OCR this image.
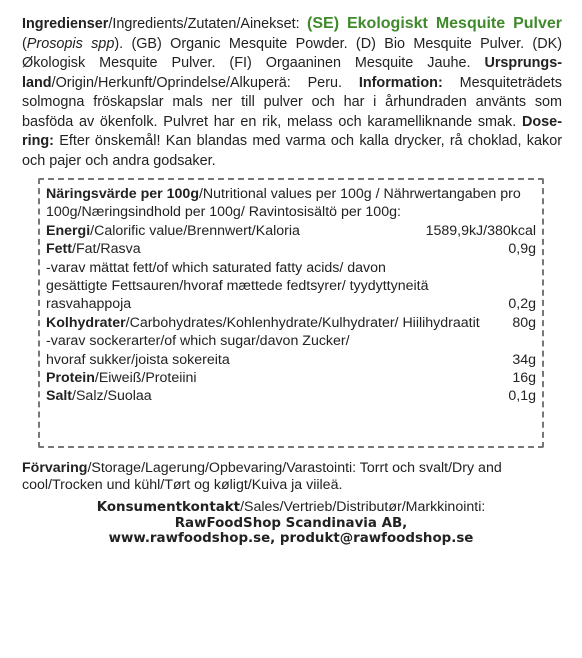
Ingredienser/Ingredients/Zutaten/Ainekset: (SE) Ekologiskt Mesquite Pulver (Prosopis spp). (GB) Organic Mesquite Powder. (D) Bio Mesquite Pulver. (DK) Økologisk Mesquite Pulver. (FI) Orgaaninen Mesquite Jauhe. Ursprungsland/Origin/Herkunft/Oprindelse/Alkuperä: Peru. Information: Mesquiteträdets solmogna fröskapslar mals ner till pulver och har i århundraden använts som basföda av ökenfolk. Pulvret har en rik, melass och karamelliknande smak. Dosering: Efter önskemål! Kan blandas med varma och kalla drycker, rå choklad, kakor och pajer och andra godsaker.
Näringsvärde per 100g/Nutritional values per 100g / Nährwertangaben pro 100g/Næringsindhold per 100g/ Ravintosisältö per 100g:
Energi/Calorific value/Brennwert/Kaloria	1589,9kJ/380kcal
Fett/Fat/Rasva	0,9g
-varav mättat fett/of which saturated fatty acids/ davon gesättigte Fettsauren/hvoraf mættede fedtsyrer/ tyydyttyneitä rasvahappoja	0,2g
Kolhydrater/Carbohydrates/Kohlenhydrate/Kulhydrater/ Hiilihydraatit	80g
-varav sockerarter/of which sugar/davon Zucker/ hvoraf sukker/joista sokereita	34g
Protein/Eiweiß/Proteiini	16g
Salt/Salz/Suolaa	0,1g
Förvaring/Storage/Lagerung/Opbevaring/Varastointi: Torrt och svalt/Dry and cool/Trocken und kühl/Tørt og køligt/Kuiva ja viileä.
Konsumentkontakt/Sales/Vertrieb/Distributør/Markkinointi:
RawFoodShop Scandinavia AB,
www.rawfoodshop.se, produkt@rawfoodshop.se
